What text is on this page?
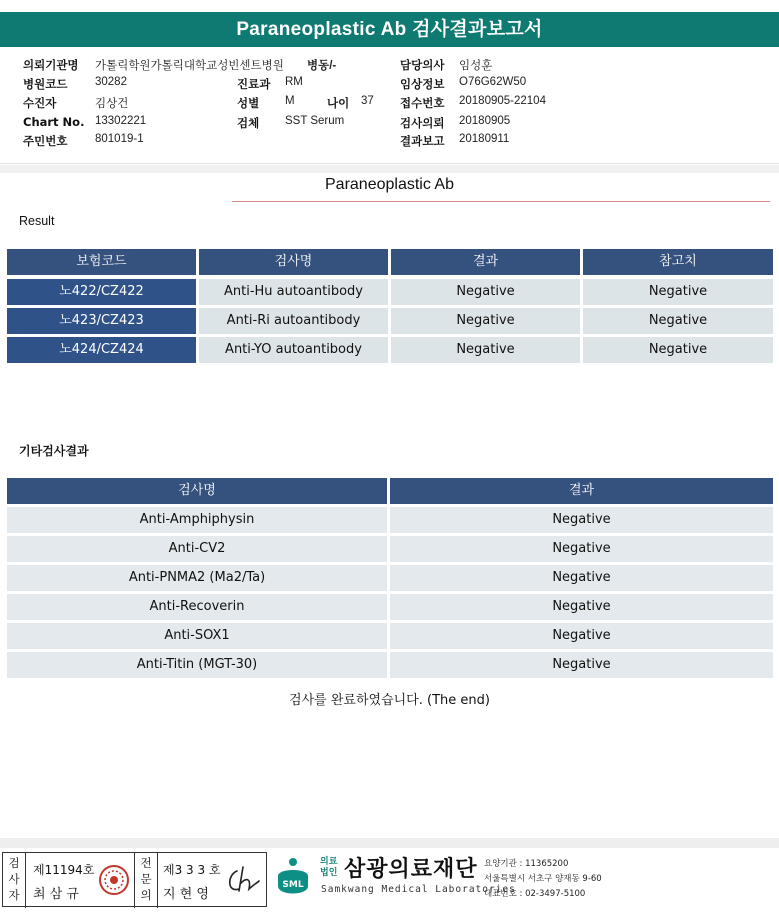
Paraneoplastic Ab 검사결과보고서
의뢰기관명 가톨릭학원가톨릭대학교성빈센트병원 병동/-	담당의사 임성훈
병원코드 30282	진료과 RM	임상정보 O76G62W50
수진자	김상건	성별 M	나이 37 접수번호 20180905-22104
Chart No. 13302221	검체 SST Serum	검사의뢰 20180905
주민번호 801019-1	결과보고 20180911
Paraneoplastic Ab
Result
보험코드	검사명	결과	참고치
노422/CZ422	Anti-Hu autoantibody	Negative	Negative
노423/CZ423	Anti-Ri autoantibody	Negative	Negative
노424/CZ424	Anti-YO autoantibody	Negative	Negative
기타검사결과
검사명	결과
Anti-Amphiphysin	Negative
Anti-CV2	Negative
Anti-PNMA2 (Ma2/Ta)	Negative
Anti-Recoverin	Negative
Anti-SOX1	Negative
Anti-Titin (MGT-30)	Negative
검사를 완료하였습니다. (The end)
검사자
제11194호
최 삼 규
전문의
제3 3 3 호
지 현 영
SML
의료
법인 삼광의료재단
Samkwang Medical Laboratories
요양기관 : 11365200
서울특별시 서초구 양재동 9-60
대표번호 : 02-3497-5100
